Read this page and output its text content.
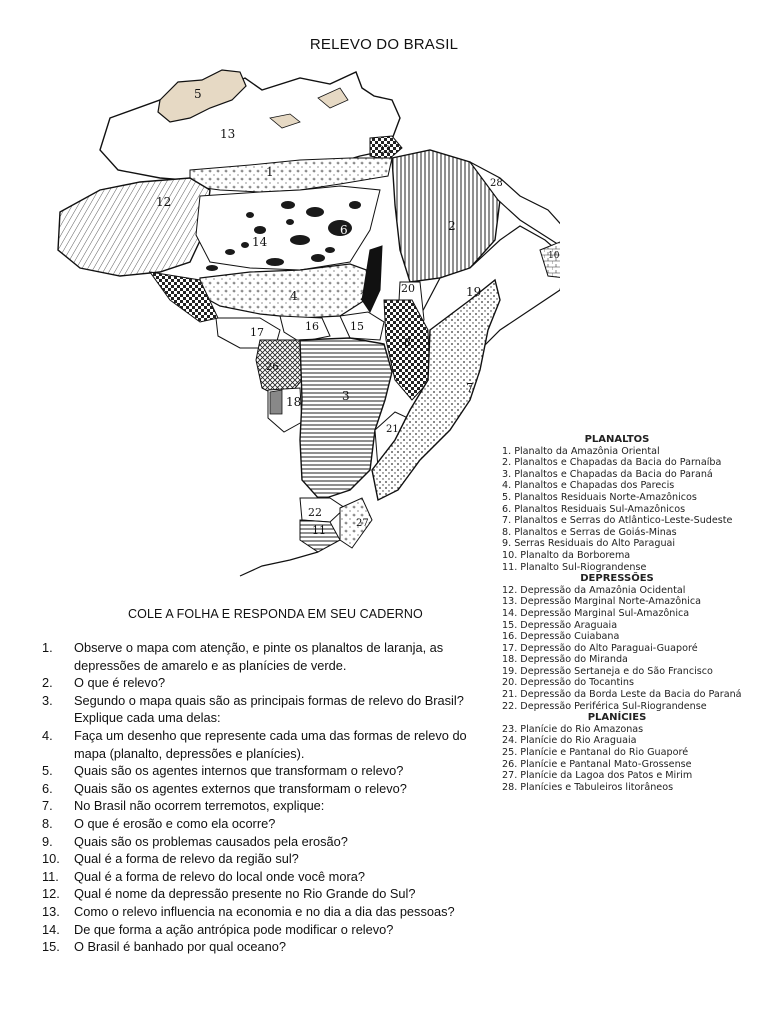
RELEVO DO BRASIL
5
13
23
1
28
12
14
6	2
10
19
20
4	24
17	16	15
8
26
3
18
7
21
22
11
27
PLANALTOS
1. Planalto da Amazônia Oriental
2. Planaltos e Chapadas da Bacia do Parnaíba
3. Planaltos e Chapadas da Bacia do Paraná
4. Planaltos e Chapadas dos Parecis
5. Planaltos Residuais Norte-Amazônicos
6. Planaltos Residuais Sul-Amazônicos
7. Planaltos e Serras do Atlântico-Leste-Sudeste
8. Planaltos e Serras de Goiás-Minas
9. Serras Residuais do Alto Paraguai
10. Planalto da Borborema
11. Planalto Sul-Riograndense
DEPRESSÕES
12. Depressão da Amazônia Ocidental
13. Depressão Marginal Norte-Amazônica
14. Depressão Marginal Sul-Amazônica
15. Depressão Araguaia
16. Depressão Cuiabana
17. Depressão do Alto Paraguai-Guaporé
18. Depressão do Miranda
19. Depressão Sertaneja e do São Francisco
20. Depressão do Tocantins
21. Depressão da Borda Leste da Bacia do Paraná
22. Depressão Periférica Sul-Riograndense
PLANÍCIES
23. Planície do Rio Amazonas
24. Planície do Rio Araguaia
25. Planície e Pantanal do Rio Guaporé
26. Planície e Pantanal Mato-Grossense
27. Planície da Lagoa dos Patos e Mirim
28. Planícies e Tabuleiros litorâneos
COLE A FOLHA E RESPONDA EM SEU CADERNO
1.	Observe o mapa com atenção, e pinte os planaltos de laranja, as depressões de amarelo e as planícies de verde.
2.	O que é relevo?
3.	Segundo o mapa quais são as principais formas de relevo do Brasil? Explique cada uma delas:
4.	Faça um desenho que represente cada uma das formas de relevo do mapa (planalto, depressões e planícies).
5.	Quais são os agentes internos que transformam o relevo?
6.	Quais são os agentes externos que transformam o relevo?
7.	No Brasil não ocorrem terremotos, explique:
8.	O que é erosão e como ela ocorre?
9.	Quais são os problemas causados pela erosão?
10.	Qual é a forma de relevo da região sul?
11.	Qual é a forma de relevo do local onde você mora?
12.	Qual é nome da depressão presente no Rio Grande do Sul?
13.	Como o relevo influencia na economia e no dia a dia das pessoas?
14.	De que forma a ação antrópica pode modificar o relevo?
15.	O Brasil é banhado por qual oceano?
